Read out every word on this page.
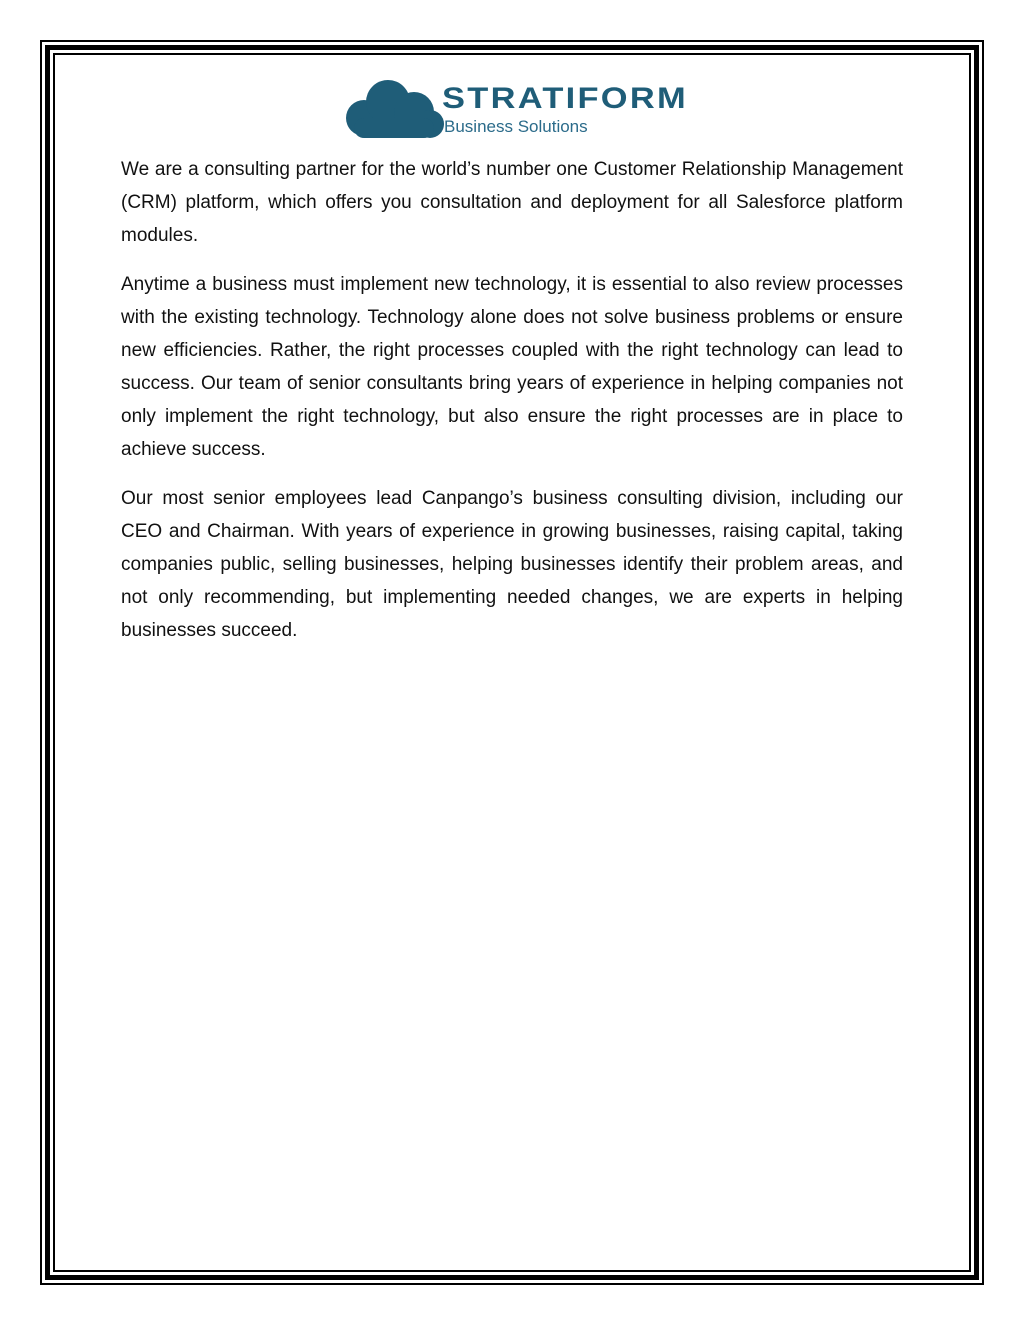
STRATIFORM
Business Solutions

We are a consulting partner for the world’s number one Customer Relationship Management (CRM) platform, which offers you consultation and deployment for all Salesforce platform modules.

Anytime a business must implement new technology, it is essential to also review processes with the existing technology. Technology alone does not solve business problems or ensure new efficiencies. Rather, the right processes coupled with the right technology can lead to success. Our team of senior consultants bring years of experience in helping companies not only implement the right technology, but also ensure the right processes are in place to achieve success.

Our most senior employees lead Canpango’s business consulting division, including our CEO and Chairman. With years of experience in growing businesses, raising capital, taking companies public, selling businesses, helping businesses identify their problem areas, and not only recommending, but implementing needed changes, we are experts in helping businesses succeed.
